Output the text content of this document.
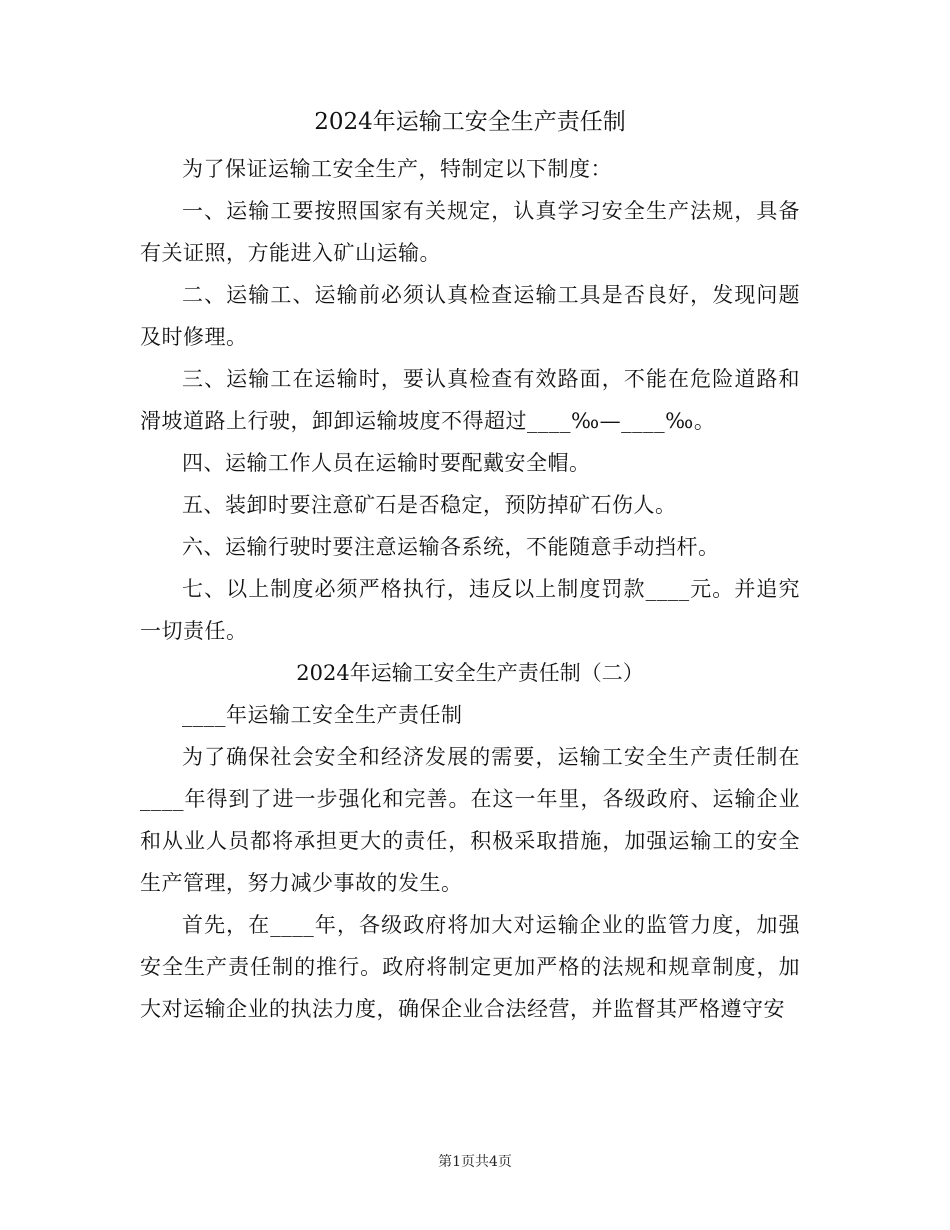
2024年运输工安全生产责任制

为了保证运输工安全生产，特制定以下制度：

一、运输工要按照国家有关规定，认真学习安全生产法规，具备有关证照，方能进入矿山运输。

二、运输工、运输前必须认真检查运输工具是否良好，发现问题及时修理。

三、运输工在运输时，要认真检查有效路面，不能在危险道路和滑坡道路上行驶，卸卸运输坡度不得超过____‰—____‰。

四、运输工作人员在运输时要配戴安全帽。

五、装卸时要注意矿石是否稳定，预防掉矿石伤人。

六、运输行驶时要注意运输各系统，不能随意手动挡杆。

七、以上制度必须严格执行，违反以上制度罚款____元。并追究一切责任。

2024年运输工安全生产责任制（二）

____年运输工安全生产责任制

为了确保社会安全和经济发展的需要，运输工安全生产责任制在____年得到了进一步强化和完善。在这一年里，各级政府、运输企业和从业人员都将承担更大的责任，积极采取措施，加强运输工的安全生产管理，努力减少事故的发生。

首先，在____年，各级政府将加大对运输企业的监管力度，加强安全生产责任制的推行。政府将制定更加严格的法规和规章制度，加大对运输企业的执法力度，确保企业合法经营，并监督其严格遵守安

第1页共4页
